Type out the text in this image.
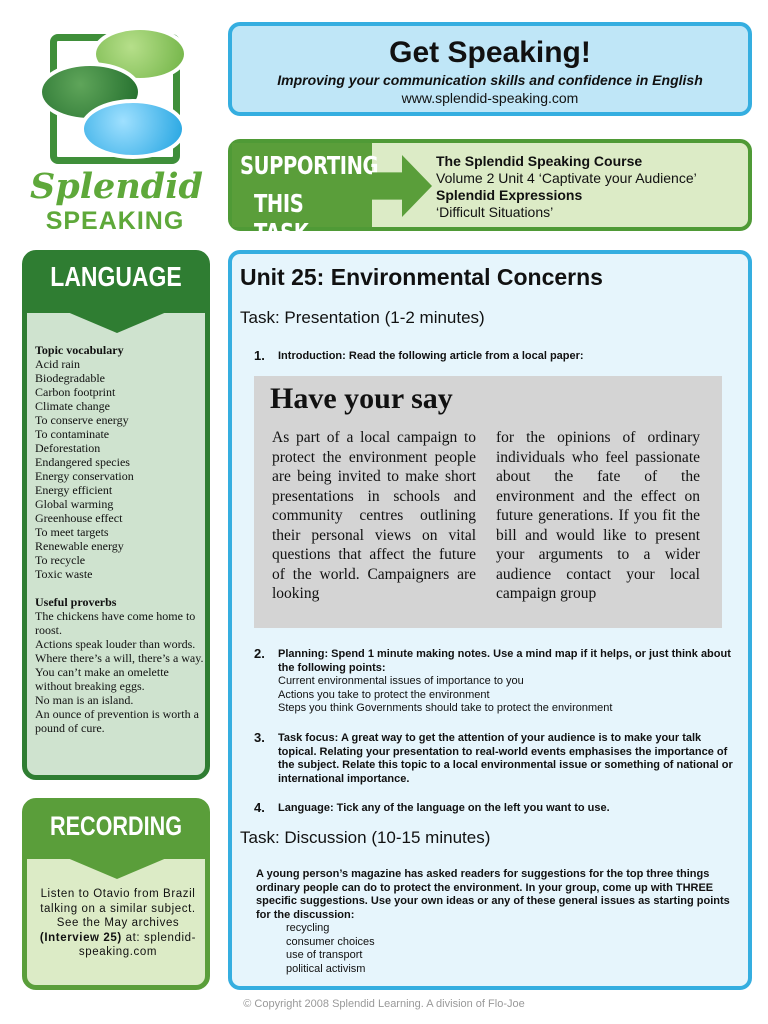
Splendid
SPEAKING
Get Speaking!
Improving your communication skills and confidence in English
www.splendid-speaking.com
SUPPORTING
THIS TASK
The Splendid Speaking Course
Volume 2 Unit 4 ‘Captivate your Audience’
Splendid Expressions
‘Difficult Situations’
LANGUAGE
Topic vocabulary
Acid rain
Biodegradable
Carbon footprint
Climate change
To conserve energy
To contaminate
Deforestation
Endangered species
Energy conservation
Energy efficient
Global warming
Greenhouse effect
To meet targets
Renewable energy
To recycle
Toxic waste
Useful proverbs
The chickens have come home to roost.
Actions speak louder than words.
Where there’s a will, there’s a way.
You can’t make an omelette without breaking eggs.
No man is an island.
An ounce of prevention is worth a pound of cure.
RECORDING
Listen to Otavio from Brazil talking on a similar subject. See the May archives (Interview 25) at: splendid-speaking.com
Unit 25: Environmental Concerns
Task: Presentation (1-2 minutes)
1. Introduction: Read the following article from a local paper:
Have your say
As part of a local campaign to protect the environment people are being invited to make short presentations in schools and community centres outlining their personal views on vital questions that affect the future of the world. Campaigners are looking
for the opinions of ordinary individuals who feel passionate about the fate of the environment and the effect on future generations. If you fit the bill and would like to present your arguments to a wider audience contact your local campaign group
2. Planning: Spend 1 minute making notes. Use a mind map if it helps, or just think about the following points:
Current environmental issues of importance to you
Actions you take to protect the environment
Steps you think Governments should take to protect the environment
3. Task focus: A great way to get the attention of your audience is to make your talk topical. Relating your presentation to real-world events emphasises the importance of the subject. Relate this topic to a local environmental issue or something of national or international importance.
4. Language: Tick any of the language on the left you want to use.
Task: Discussion (10-15 minutes)
A young person’s magazine has asked readers for suggestions for the top three things ordinary people can do to protect the environment. In your group, come up with THREE specific suggestions. Use your own ideas or any of these general issues as starting points for the discussion:
recycling
consumer choices
use of transport
political activism
© Copyright 2008 Splendid Learning. A division of Flo-Joe
